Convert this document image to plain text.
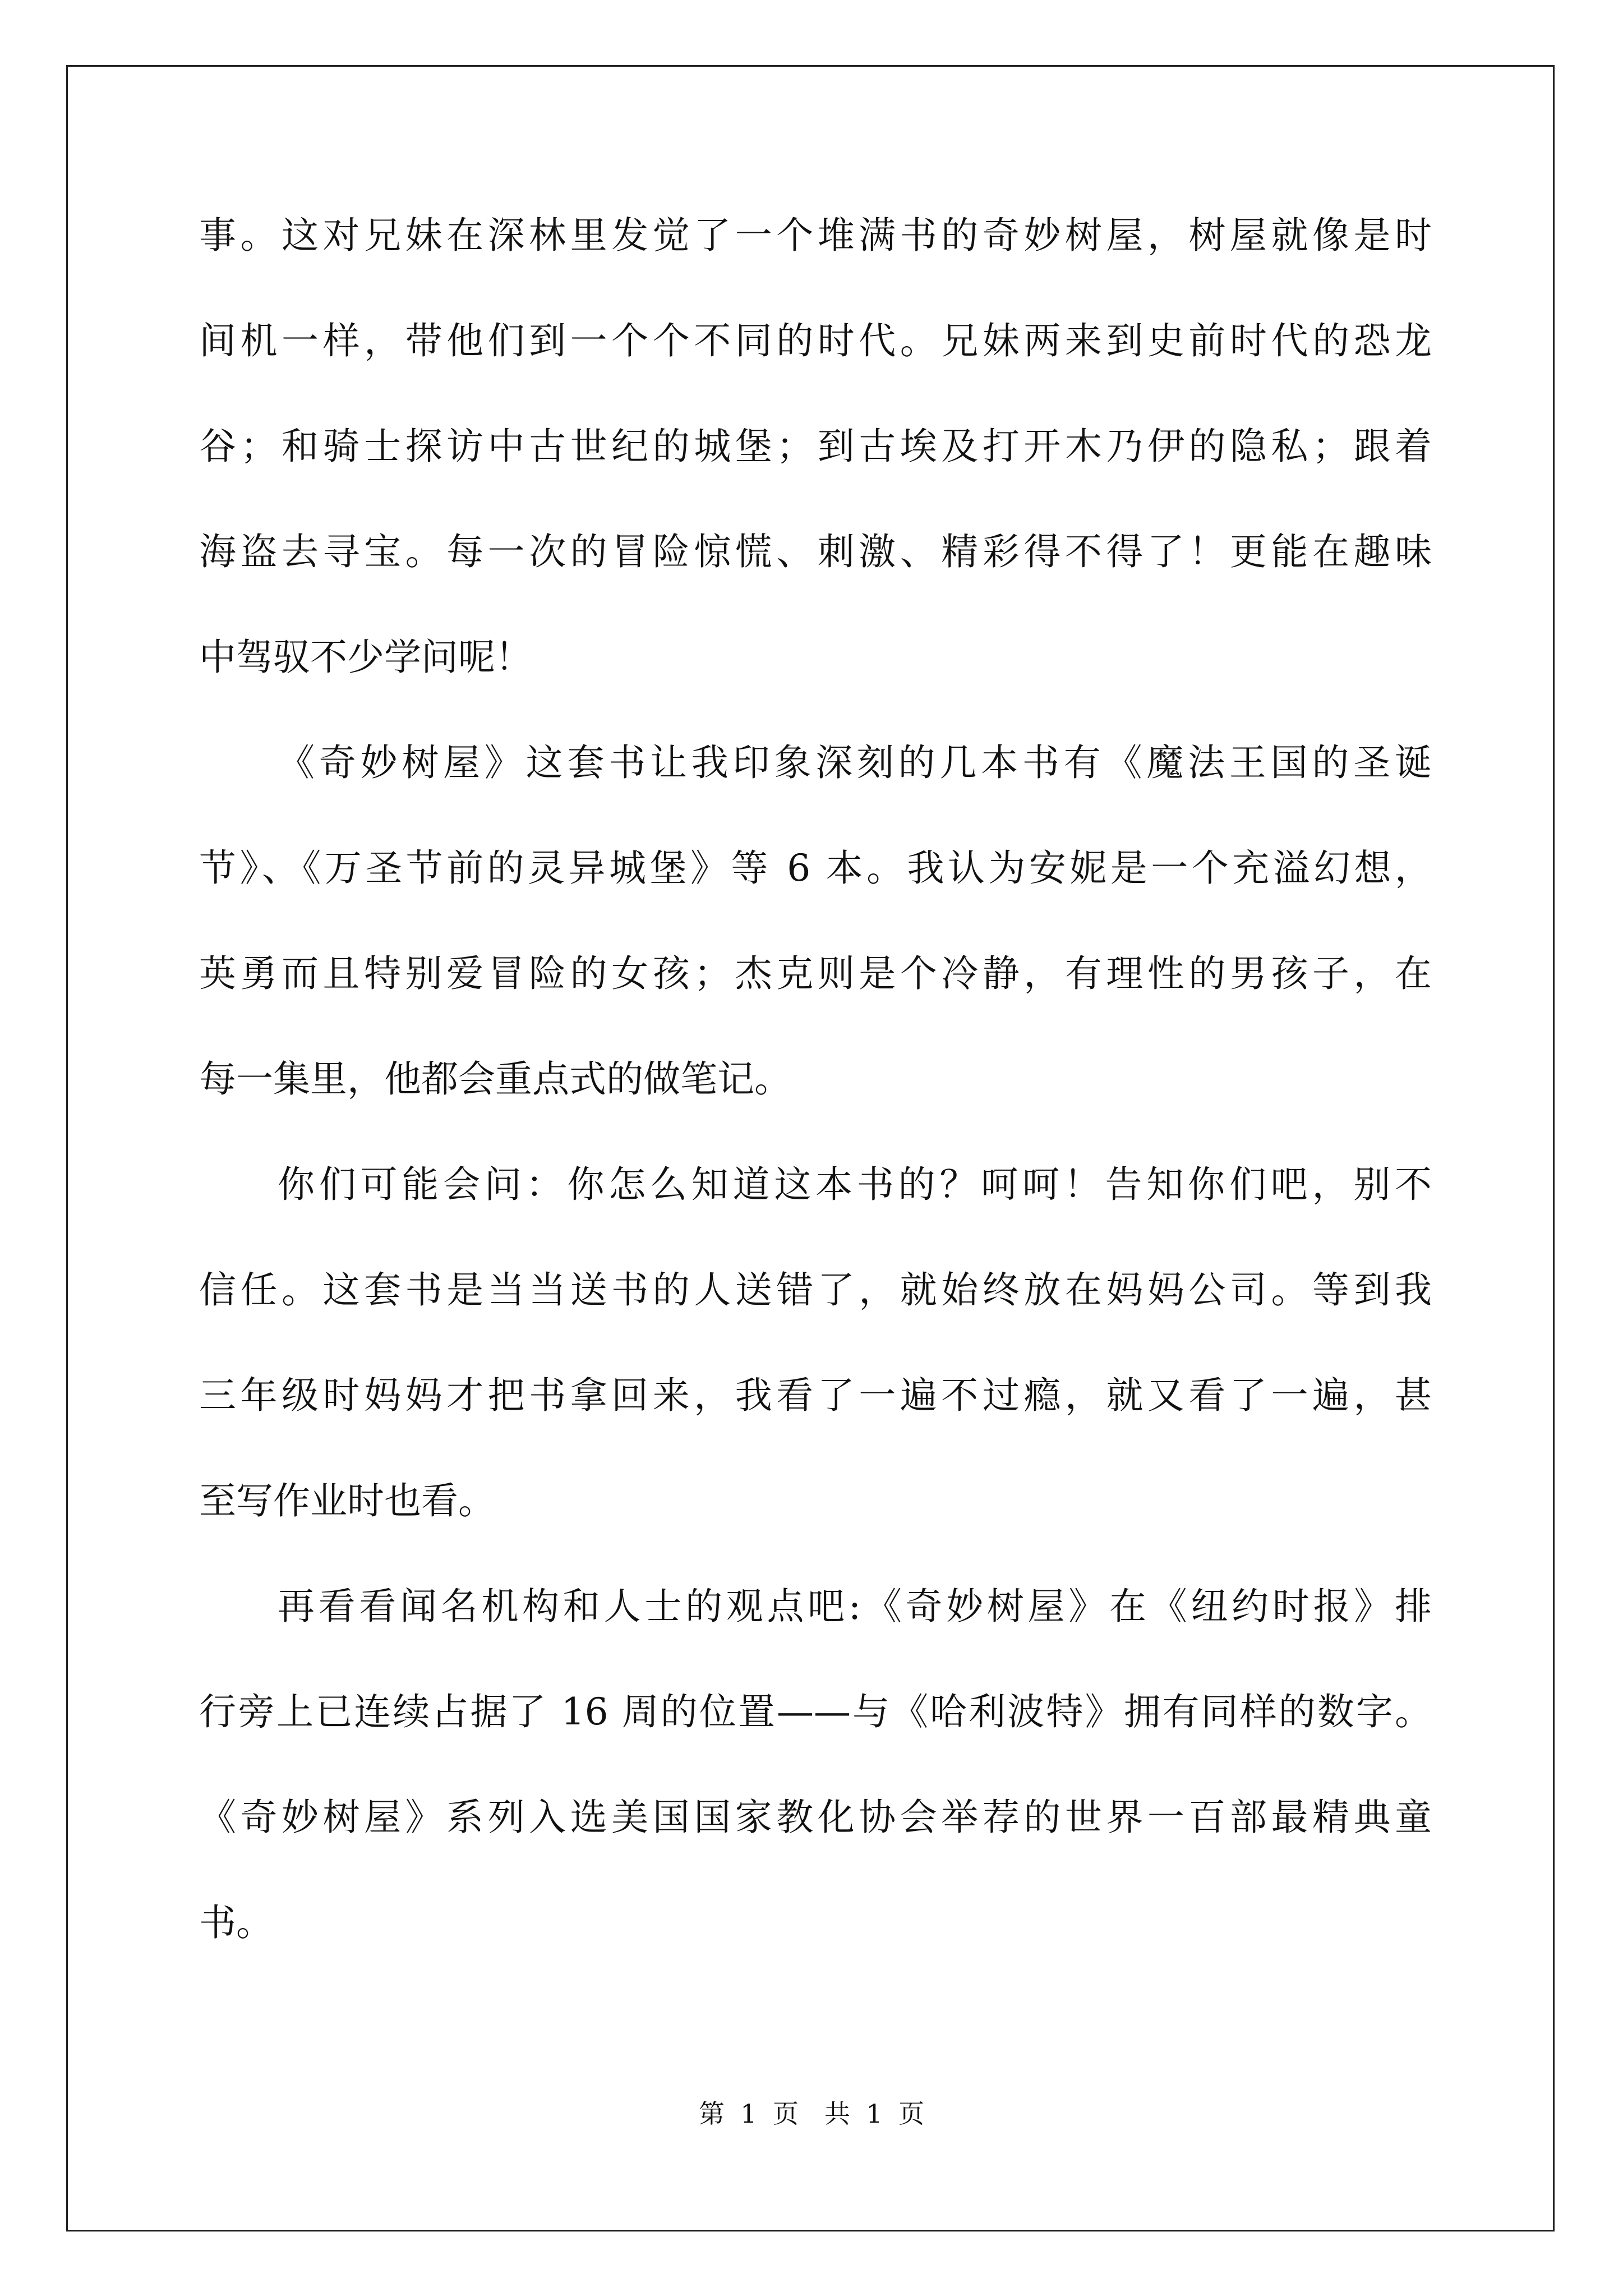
事。这对兄妹在深林里发觉了一个堆满书的奇妙树屋，树屋就像是时
间机一样，带他们到一个个不同的时代。兄妹两来到史前时代的恐龙
谷；和骑士探访中古世纪的城堡；到古埃及打开木乃伊的隐私；跟着
海盗去寻宝。每一次的冒险惊慌、刺激、精彩得不得了！更能在趣味
中驾驭不少学问呢！
《奇妙树屋》这套书让我印象深刻的几本书有《魔法王国的圣诞
节》、《万圣节前的灵异城堡》等 6 本。我认为安妮是一个充溢幻想，
英勇而且特别爱冒险的女孩；杰克则是个冷静，有理性的男孩子，在
每一集里，他都会重点式的做笔记。
你们可能会问：你怎么知道这本书的？呵呵！告知你们吧，别不
信任。这套书是当当送书的人送错了，就始终放在妈妈公司。等到我
三年级时妈妈才把书拿回来，我看了一遍不过瘾，就又看了一遍，甚
至写作业时也看。
再看看闻名机构和人士的观点吧:《奇妙树屋》在《纽约时报》排
行旁上已连续占据了 16 周的位置——与《哈利波特》拥有同样的数字。
《奇妙树屋》系列入选美国国家教化协会举荐的世界一百部最精典童
书。
第 1 页　共 1 页
